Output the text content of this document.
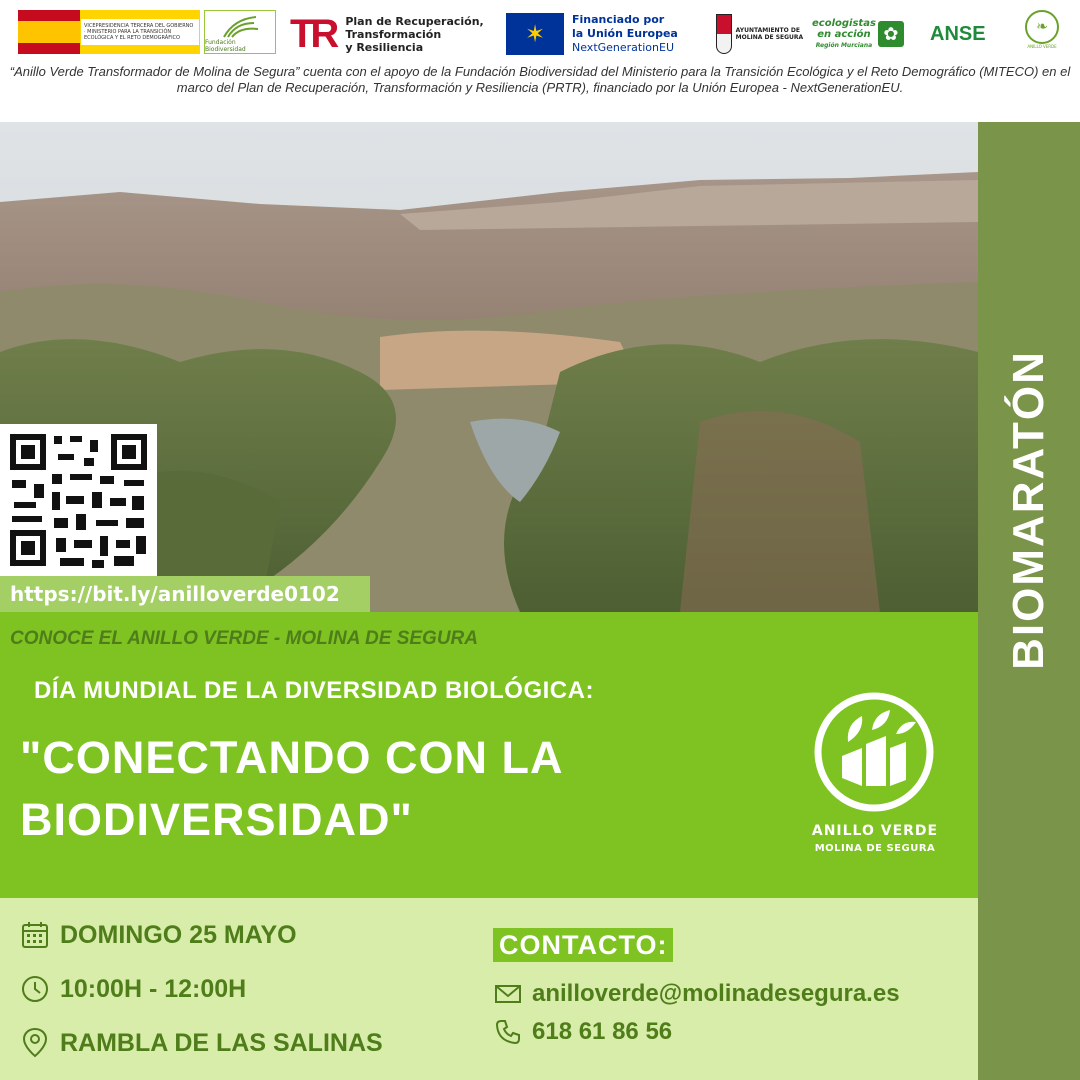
VICEPRESIDENCIA TERCERA DEL GOBIERNO · MINISTERIO PARA LA TRANSICIÓN ECOLÓGICA Y EL RETO DEMOGRÁFICO
Fundación Biodiversidad	TR Plan de Recuperación,
Transformación
y Resiliencia	✶
Financiado por
la Unión Europea
NextGenerationEU
AYUNTAMIENTO DE MOLINA DE SEGURA
ecologistas
en acción
Región Murciana
✿ ANSE	❧
ANILLO VERDE
“Anillo Verde Transformador de Molina de Segura” cuenta con el apoyo de la Fundación Biodiversidad del Ministerio para la Transición Ecológica y el Reto Demográfico (MITECO) en el marco del Plan de Recuperación, Transformación y Resiliencia (PRTR), financiado por la Unión Europea - NextGenerationEU.
https://bit.ly/anilloverde0102	BIOMARATÓN
CONOCE EL ANILLO VERDE - MOLINA DE SEGURA
DÍA MUNDIAL DE LA DIVERSIDAD BIOLÓGICA:
"CONECTANDO CON LA
BIODIVERSIDAD"	ANILLO VERDE
MOLINA DE SEGURA
DOMINGO 25 MAYO
10:00H - 12:00H
RAMBLA DE LAS SALINAS
CONTACTO:
anilloverde@molinadesegura.es
618 61 86 56
